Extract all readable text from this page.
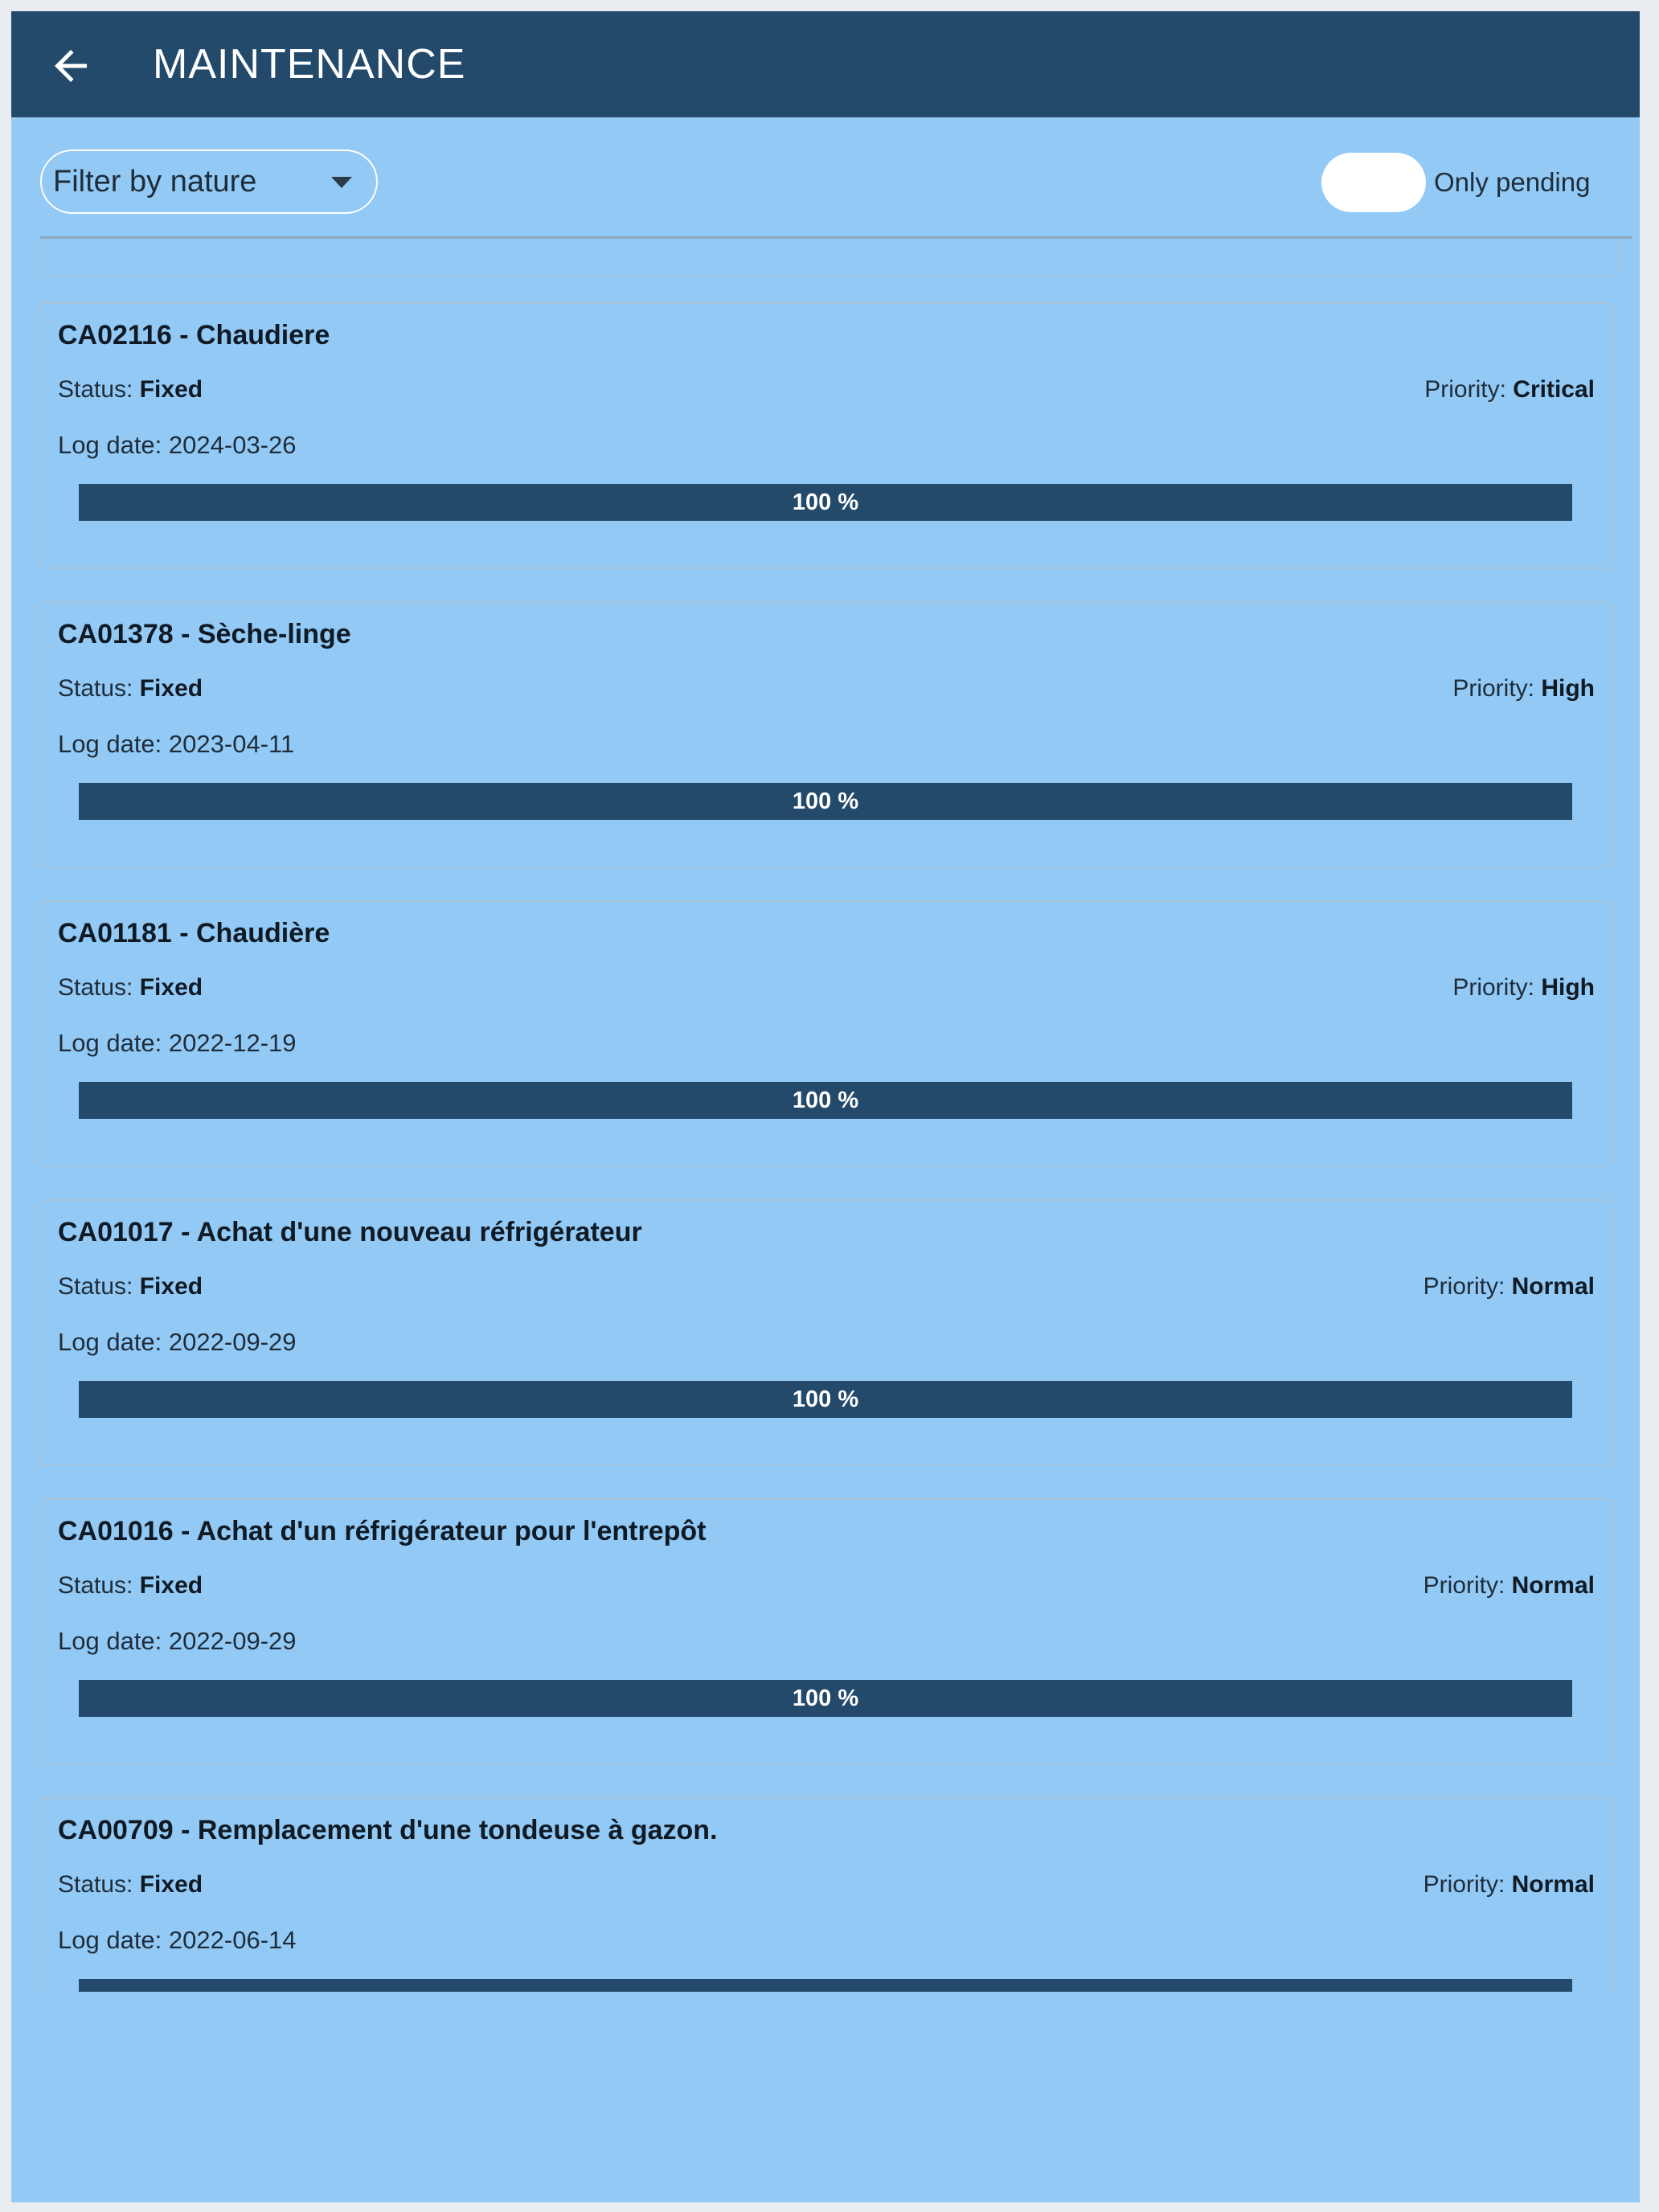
MAINTENANCE
Filter by nature	Only pending
CA02116 - Chaudiere
Status: Fixed	Priority: Critical
Log date: 2024-03-26
100 %
CA01378 - Sèche-linge
Status: Fixed	Priority: High
Log date: 2023-04-11
100 %
CA01181 - Chaudière
Status: Fixed	Priority: High
Log date: 2022-12-19
100 %
CA01017 - Achat d'une nouveau réfrigérateur
Status: Fixed	Priority: Normal
Log date: 2022-09-29
100 %
CA01016 - Achat d'un réfrigérateur pour l'entrepôt
Status: Fixed	Priority: Normal
Log date: 2022-09-29
100 %
CA00709 - Remplacement d'une tondeuse à gazon.
Status: Fixed	Priority: Normal
Log date: 2022-06-14
